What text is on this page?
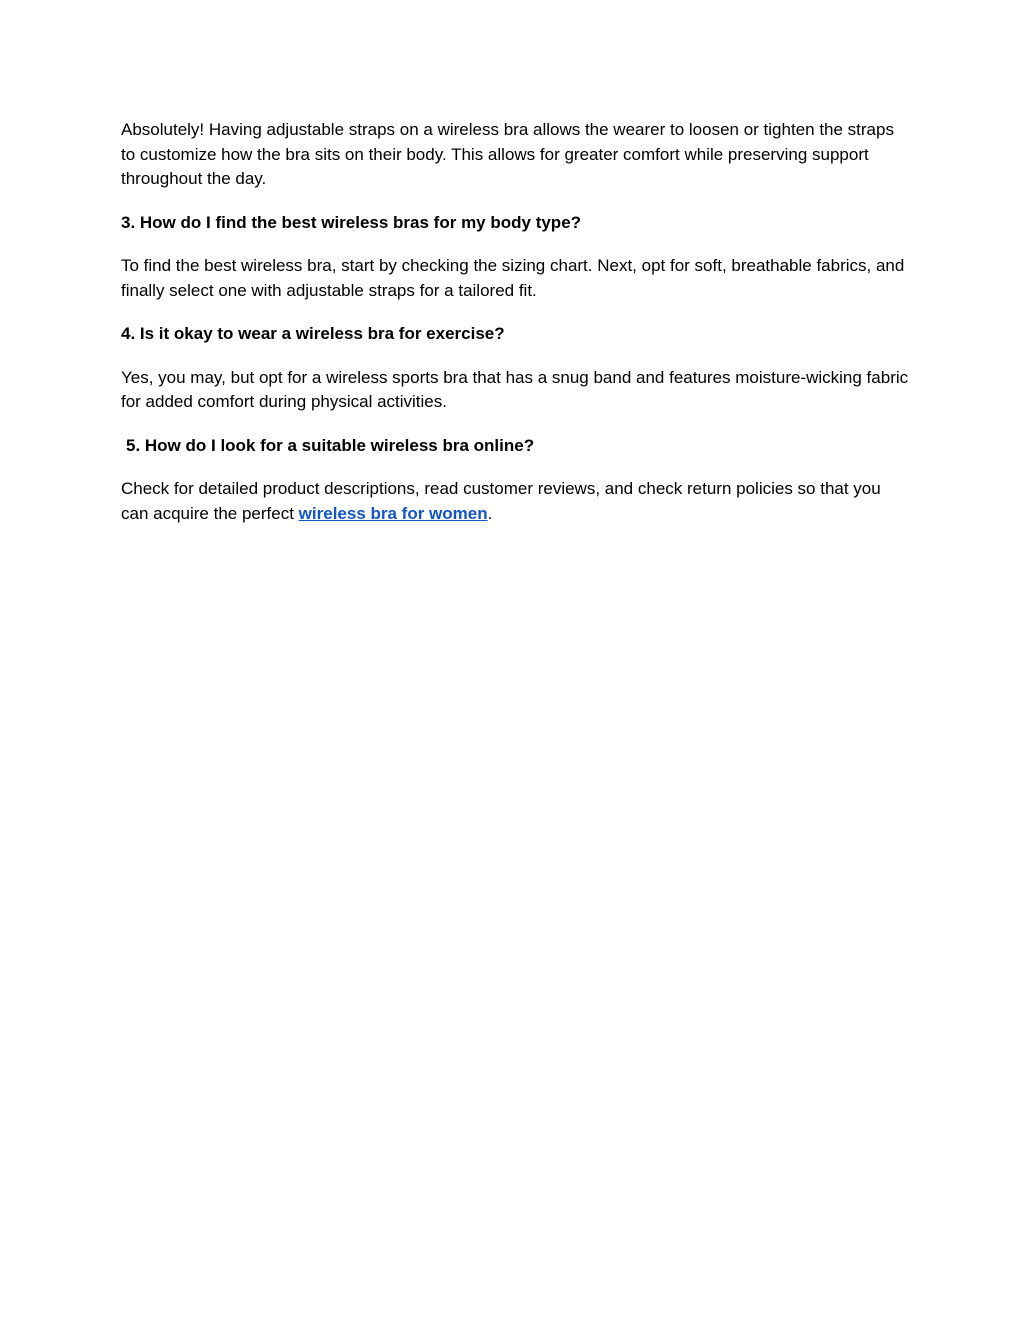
Absolutely! Having adjustable straps on a wireless bra allows the wearer to loosen or tighten the straps to customize how the bra sits on their body. This allows for greater comfort while preserving support throughout the day.

3. How do I find the best wireless bras for my body type?

To find the best wireless bra, start by checking the sizing chart. Next, opt for soft, breathable fabrics, and finally select one with adjustable straps for a tailored fit.

4. Is it okay to wear a wireless bra for exercise?

Yes, you may, but opt for a wireless sports bra that has a snug band and features moisture-wicking fabric for added comfort during physical activities.

5. How do I look for a suitable wireless bra online?

Check for detailed product descriptions, read customer reviews, and check return policies so that you can acquire the perfect wireless bra for women.
